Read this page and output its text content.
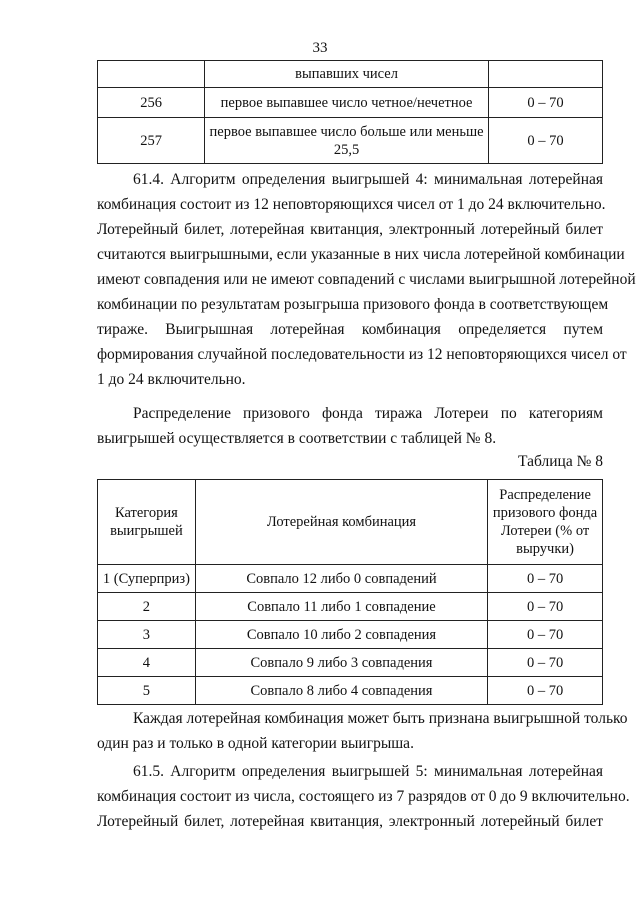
33
	выпавших чисел	
256	первое выпавшее число четное/нечетное	0 – 70
257	первое выпавшее число больше или меньше 25,5	0 – 70
61.4. Алгоритм определения выигрышей 4: минимальная лотерейная
комбинация состоит из 12 неповторяющихся чисел от 1 до 24 включительно.
Лотерейный билет, лотерейная квитанция, электронный лотерейный билет
считаются выигрышными, если указанные в них числа лотерейной комбинации
имеют совпадения или не имеют совпадений с числами выигрышной лотерейной
комбинации по результатам розыгрыша призового фонда в соответствующем
тираже. Выигрышная лотерейная комбинация определяется путем
формирования случайной последовательности из 12 неповторяющихся чисел от
1 до 24 включительно.
Распределение призового фонда тиража Лотереи по категориям
выигрышей осуществляется в соответствии с таблицей № 8.
Таблица № 8
Категория выигрышей	Лотерейная комбинация	Распределение призового фонда Лотереи (% от выручки)
1 (Суперприз)	Совпало 12 либо 0 совпадений	0 – 70
2	Совпало 11 либо 1 совпадение	0 – 70
3	Совпало 10 либо 2 совпадения	0 – 70
4	Совпало 9 либо 3 совпадения	0 – 70
5	Совпало 8 либо 4 совпадения	0 – 70
Каждая лотерейная комбинация может быть признана выигрышной только
один раз и только в одной категории выигрыша.
61.5. Алгоритм определения выигрышей 5: минимальная лотерейная
комбинация состоит из числа, состоящего из 7 разрядов от 0 до 9 включительно.
Лотерейный билет, лотерейная квитанция, электронный лотерейный билет
